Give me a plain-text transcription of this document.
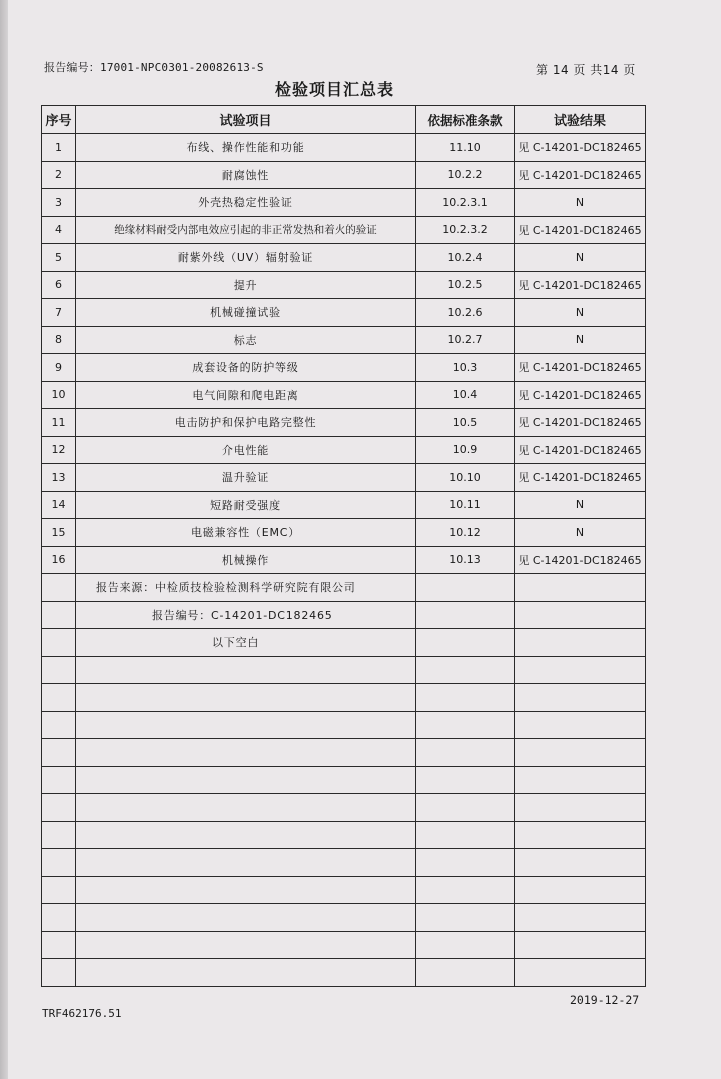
报告编号：17001-NPC0301-20082613-S	第 14 页 共14 页
检验项目汇总表
序号	试验项目	依据标准条款	试验结果
1	布线、操作性能和功能	11.10	见 C-14201-DC182465
2	耐腐蚀性	10.2.2	见 C-14201-DC182465
3	外壳热稳定性验证	10.2.3.1	N
4	绝缘材料耐受内部电效应引起的非正常发热和着火的验证	10.2.3.2	见 C-14201-DC182465
5	耐紫外线（UV）辐射验证	10.2.4	N
6	提升	10.2.5	见 C-14201-DC182465
7	机械碰撞试验	10.2.6	N
8	标志	10.2.7	N
9	成套设备的防护等级	10.3	见 C-14201-DC182465
10	电气间隙和爬电距离	10.4	见 C-14201-DC182465
11	电击防护和保护电路完整性	10.5	见 C-14201-DC182465
12	介电性能	10.9	见 C-14201-DC182465
13	温升验证	10.10	见 C-14201-DC182465
14	短路耐受强度	10.11	N
15	电磁兼容性（EMC）	10.12	N
16	机械操作	10.13	见 C-14201-DC182465
	报告来源：中检质技检验检测科学研究院有限公司		
	报告编号：C-14201-DC182465		
	以下空白		

2019-12-27
TRF462176.51
